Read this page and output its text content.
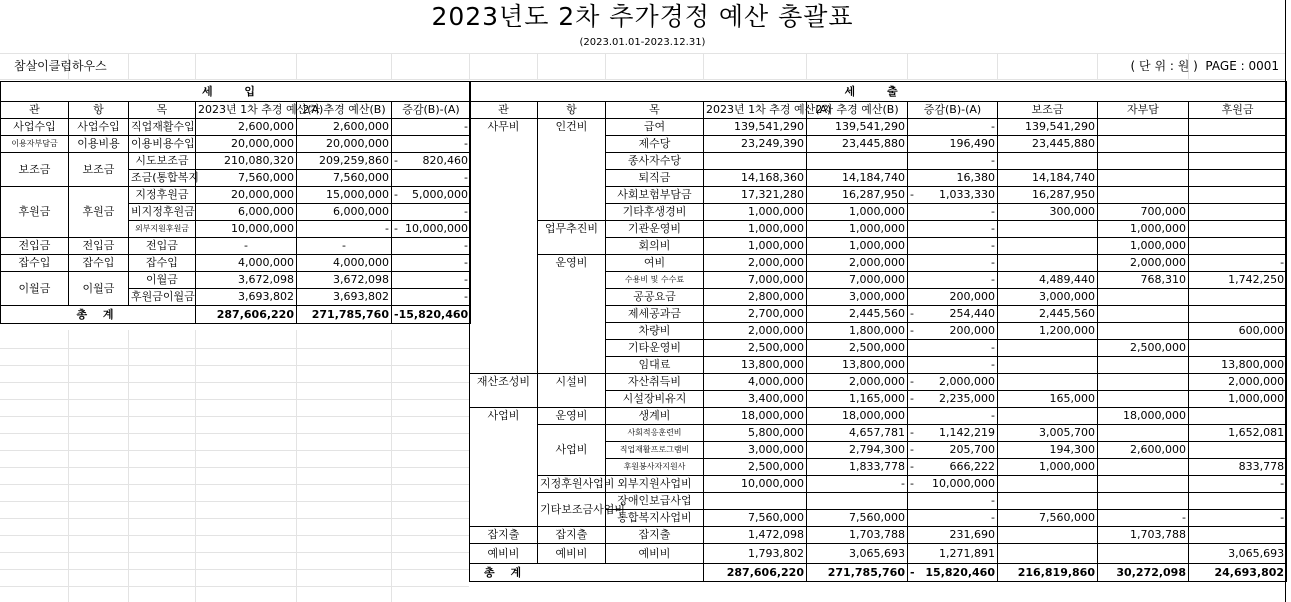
2023년도 2차 추가경정 예산 총괄표
(2023.01.01-2023.12.31)
참살이클럽하우스	( 단 위 : 원 )  PAGE : 0001
세 입					
관	항	목	2023년 1차 추경 예산(A)	2차 추경 예산(B)	증감(B)-(A)
사업수입	사업수입	직업재활수입	2,600,000	2,600,000	-
이용자부담금	이용비용	이용비용수입	20,000,000	20,000,000	-
보조금	보조금	시도보조금	210,080,320	209,259,860	- 820,460
		조금(통합복지	7,560,000	7,560,000	-
후원금	후원금	지정후원금	20,000,000	15,000,000	- 5,000,000
		비지정후원금	6,000,000	6,000,000	-
		외부지원후원금	10,000,000	-	- 10,000,000
전입금	전입금	전입금	-	-	-
잡수입	잡수입	잡수입	4,000,000	4,000,000	-
이월금	이월금	이월금	3,672,098	3,672,098	-
		후원금이월금	3,693,802	3,693,802	-
총 계			287,606,220	271,785,760	- 15,820,460
세 출								
관	항	목	2023년 1차 추경 예산(A)	2차 추경 예산(B)	증감(B)-(A)	보조금	자부담	후원금
사무비	인건비	급여	139,541,290	139,541,290	-	139,541,290		
		제수당	23,249,390	23,445,880	196,490	23,445,880		
		종사자수당			-			
		퇴직금	14,168,360	14,184,740	16,380	14,184,740		
		사회보험부담금	17,321,280	16,287,950	- 1,033,330	16,287,950		
		기타후생경비	1,000,000	1,000,000	-	300,000	700,000	
	업무추진비	기관운영비	1,000,000	1,000,000	-		1,000,000	
		회의비	1,000,000	1,000,000	-		1,000,000	
	운영비	여비	2,000,000	2,000,000	-		2,000,000	-
		수용비 및 수수료	7,000,000	7,000,000	-	4,489,440	768,310	1,742,250
		공공요금	2,800,000	3,000,000	200,000	3,000,000		
		제세공과금	2,700,000	2,445,560	- 254,440	2,445,560		
		차량비	2,000,000	1,800,000	- 200,000	1,200,000		600,000
		기타운영비	2,500,000	2,500,000	-		2,500,000	
		임대료	13,800,000	13,800,000	-			13,800,000
재산조성비	시설비	자산취득비	4,000,000	2,000,000	- 2,000,000			2,000,000
		시설장비유지	3,400,000	1,165,000	- 2,235,000	165,000		1,000,000
사업비	운영비	생계비	18,000,000	18,000,000	-		18,000,000	
	사업비	사회적응훈련비	5,800,000	4,657,781	- 1,142,219	3,005,700		1,652,081
		직업재활프로그램비	3,000,000	2,794,300	- 205,700	194,300	2,600,000	
		후원봉사자지원사	2,500,000	1,833,778	- 666,222	1,000,000		833,778
	지정후원사업비	외부지원사업비	10,000,000	-	- 10,000,000			-
	기타보조금사업비	장애인보급사업			-			
		통합복지사업비	7,560,000	7,560,000	-	7,560,000	-	-
잡지출	잡지출	잡지출	1,472,098	1,703,788	231,690		1,703,788	
예비비	예비비	예비비	1,793,802	3,065,693	1,271,891			3,065,693
총 계			287,606,220	271,785,760	- 15,820,460	216,819,860	30,272,098	24,693,802
